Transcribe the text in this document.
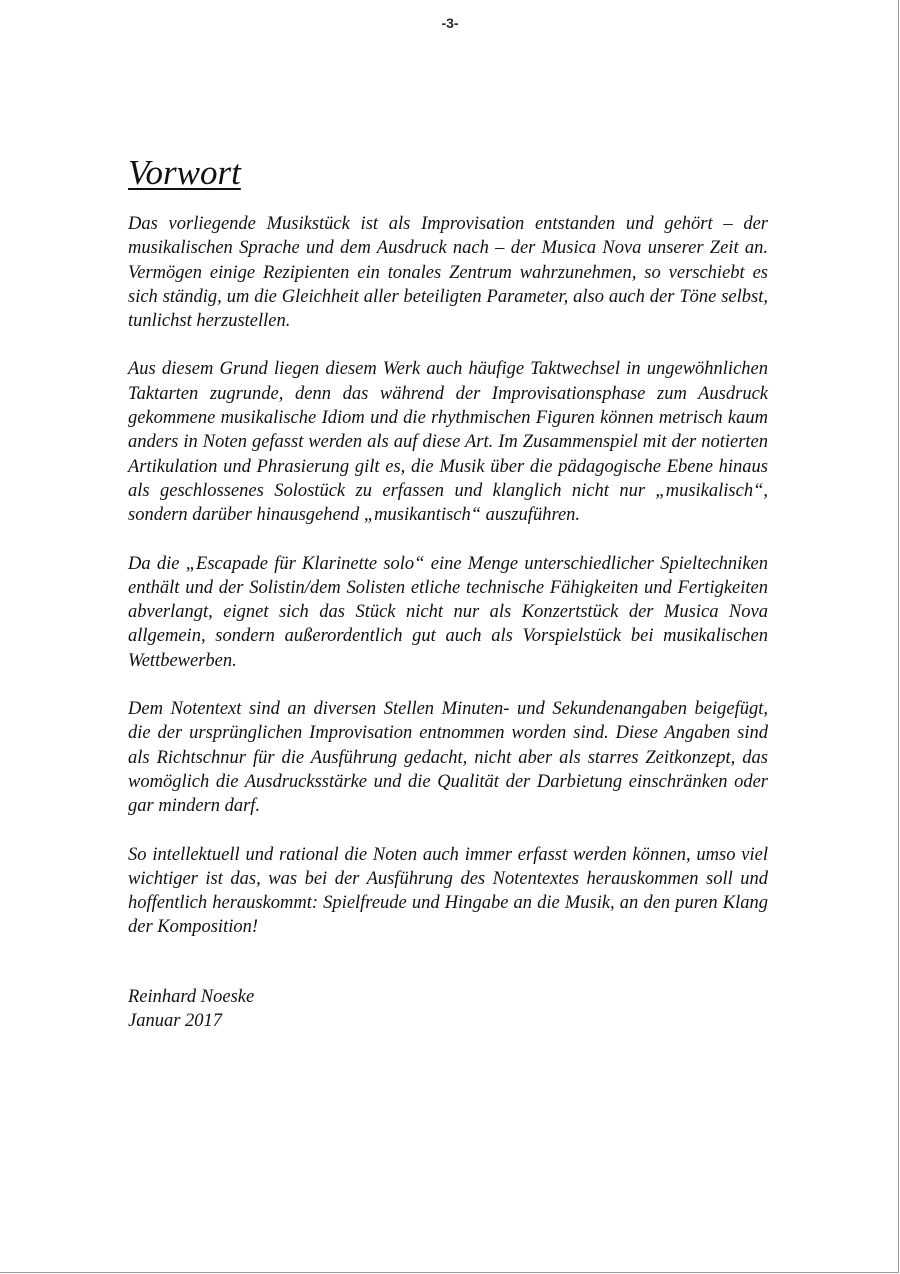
-3-
Vorwort

Das vorliegende Musikstück ist als Improvisation entstanden und gehört – der musikalischen Sprache und dem Ausdruck nach – der Musica Nova unserer Zeit an. Vermögen einige Rezipienten ein tonales Zentrum wahrzunehmen, so verschiebt es sich ständig, um die Gleichheit aller beteiligten Parameter, also auch der Töne selbst, tunlichst herzustellen.

Aus diesem Grund liegen diesem Werk auch häufige Taktwechsel in ungewöhnlichen Taktarten zugrunde, denn das während der Improvisationsphase zum Ausdruck gekommene musikalische Idiom und die rhythmischen Figuren können metrisch kaum anders in Noten gefasst werden als auf diese Art. Im Zusammenspiel mit der notierten Artikulation und Phrasierung gilt es, die Musik über die pädagogische Ebene hinaus als geschlossenes Solostück zu erfassen und klanglich nicht nur „musikalisch“, sondern darüber hinausgehend „musikantisch“ auszuführen.

Da die „Escapade für Klarinette solo“ eine Menge unterschiedlicher Spieltechniken enthält und der Solistin/dem Solisten etliche technische Fähigkeiten und Fertigkeiten abverlangt, eignet sich das Stück nicht nur als Konzertstück der Musica Nova allgemein, sondern außerordentlich gut auch als Vorspielstück bei musikalischen Wettbewerben.

Dem Notentext sind an diversen Stellen Minuten- und Sekundenangaben beigefügt, die der ursprünglichen Improvisation entnommen worden sind. Diese Angaben sind als Richtschnur für die Ausführung gedacht, nicht aber als starres Zeitkonzept, das womöglich die Ausdrucksstärke und die Qualität der Darbietung einschränken oder gar mindern darf.

So intellektuell und rational die Noten auch immer erfasst werden können, umso viel wichtiger ist das, was bei der Ausführung des Notentextes herauskommen soll und hoffentlich herauskommt: Spielfreude und Hingabe an die Musik, an den puren Klang der Komposition!

Reinhard Noeske
Januar 2017
